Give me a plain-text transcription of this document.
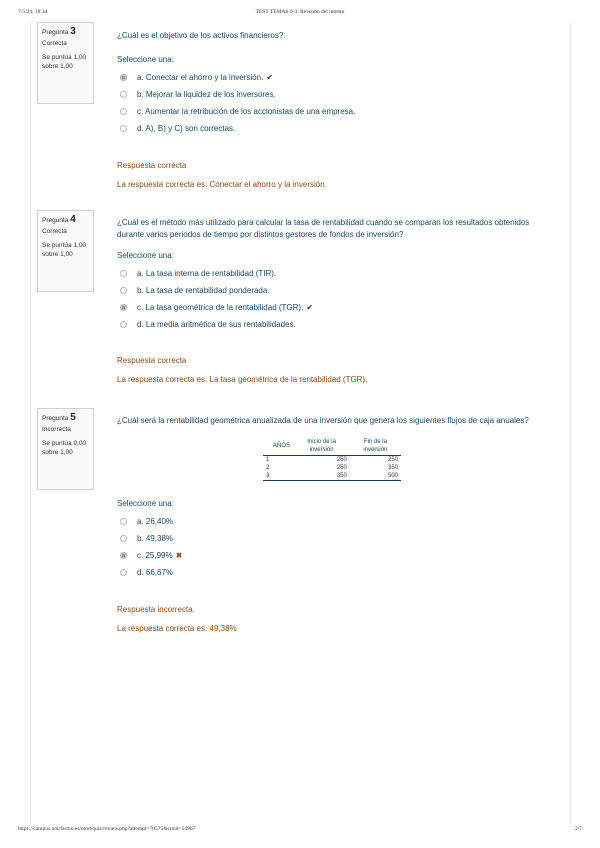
7/5/24, 18:34	TEST TEMAS 0-3: Revisión del intento
Pregunta 3
Correcta
Se puntúa 1,00
sobre 1,00
¿Cuál es el objetivo de los activos financieros?
Seleccione una:
a. Conectar el ahorro y la inversión. ✔
b. Mejorar la liquidez de los inversores.
c. Aumentar la retribución de los accionistas de una empresa.
d. A), B) y C) son correctas.
Respuesta correcta
La respuesta correcta es: Conectar el ahorro y la inversión.
Pregunta 4
Correcta
Se puntúa 1,00
sobre 1,00
¿Cuál es el método más utilizado para calcular la tasa de rentabilidad cuando se comparan los resultados obtenidos durante varios periodos de tiempo por distintos gestores de fondos de inversión?
Seleccione una:
a. La tasa interna de rentabilidad (TIR).
b. La tasa de rentabilidad ponderada.
c. La tasa geométrica de la rentabilidad (TGR). ✔
d. La media aritmética de sus rentabilidades.
Respuesta correcta
La respuesta correcta es: La tasa geométrica de la rentabilidad (TGR).
Pregunta 5
Incorrecta
Se puntúa 0,00
sobre 1,00
¿Cuál será la rentabilidad geométrica anualizada de una inversión que genera los siguientes flujos de caja anuales?
AÑOS	Inicio de la inversión	Fin de la inversión
1	250	250
2	250	350
3	350	500
Seleccione una:
a. 26,40%
b. 49,38%
c. 25,99% ✖
d. 66,67%
Respuesta incorrecta.
La respuesta correcta es: 49,38%
https://campus.unirfarmo.es/mod/quiz/review.php?attempt=70575&cmid=54967	2/7
